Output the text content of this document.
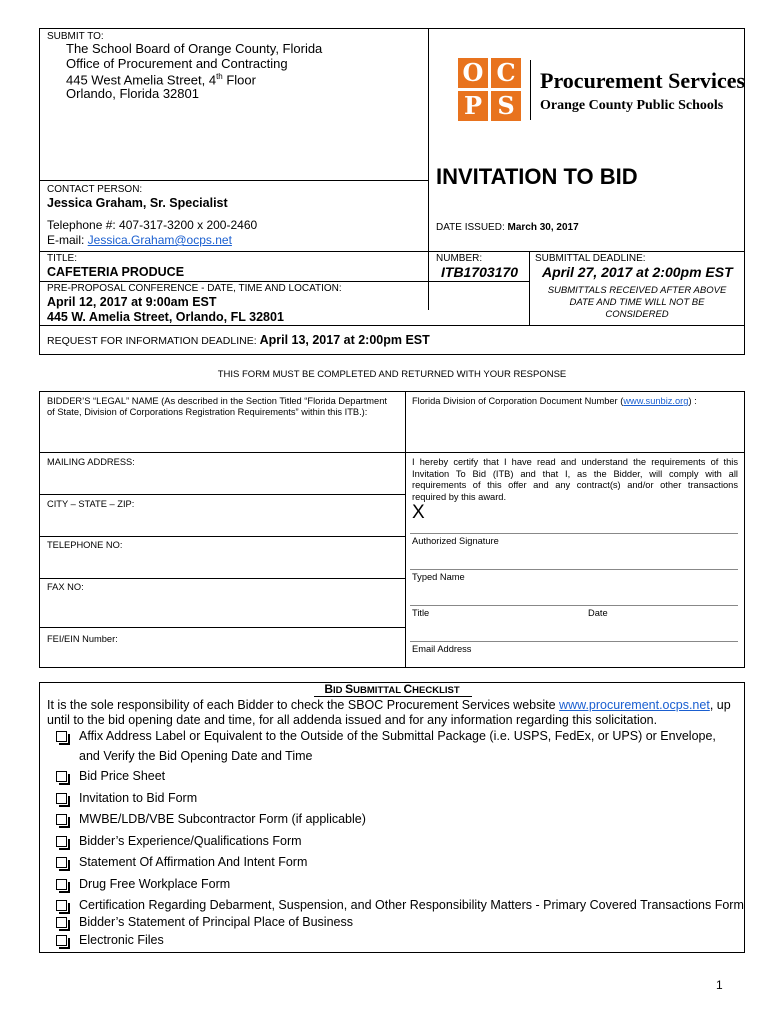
SUBMIT TO:
The School Board of Orange County, Florida
Office of Procurement and Contracting
445 West Amelia Street, 4th Floor
Orlando, Florida 32801
O C
P S
Procurement Services
Orange County Public Schools
INVITATION TO BID
CONTACT PERSON:
Jessica Graham, Sr. Specialist
Telephone #: 407-317-3200 x 200-2460
E-mail: Jessica.Graham@ocps.net
DATE ISSUED: March 30, 2017
TITLE:
CAFETERIA PRODUCE
NUMBER:
ITB1703170
SUBMITTAL DEADLINE:
April 27, 2017 at 2:00pm EST
SUBMITTALS RECEIVED AFTER ABOVE
DATE AND TIME WILL NOT BE
CONSIDERED
PRE-PROPOSAL CONFERENCE - DATE, TIME AND LOCATION:
April 12, 2017 at 9:00am EST
445 W. Amelia Street, Orlando, FL 32801
REQUEST FOR INFORMATION DEADLINE: April 13, 2017 at 2:00pm EST
THIS FORM MUST BE COMPLETED AND RETURNED WITH YOUR RESPONSE
BIDDER’S “LEGAL” NAME (As described in the Section Titled “Florida Department of State, Division of Corporations Registration Requirements” within this ITB.):
Florida Division of Corporation Document Number (www.sunbiz.org) :
MAILING ADDRESS:
CITY – STATE – ZIP:
TELEPHONE NO:
FAX NO:
FEI/EIN Number:
I hereby certify that I have read and understand the requirements of this Invitation To Bid (ITB) and that I, as the Bidder, will comply with all requirements of this offer and any contract(s) and/or other transactions required by this award.
X
Authorized Signature
Typed Name
Title	Date
Email Address
BID SUBMITTAL CHECKLIST
It is the sole responsibility of each Bidder to check the SBOC Procurement Services website www.procurement.ocps.net, up
until to the bid opening date and time, for all addenda issued and for any information regarding this solicitation.
Affix Address Label or Equivalent to the Outside of the Submittal Package (i.e. USPS, FedEx, or UPS) or Envelope,
and Verify the Bid Opening Date and Time
Bid Price Sheet
Invitation to Bid Form
MWBE/LDB/VBE Subcontractor Form (if applicable)
Bidder’s Experience/Qualifications Form
Statement Of Affirmation And Intent Form
Drug Free Workplace Form
Certification Regarding Debarment, Suspension, and Other Responsibility Matters - Primary Covered Transactions Form
Bidder’s Statement of Principal Place of Business
Electronic Files
1
